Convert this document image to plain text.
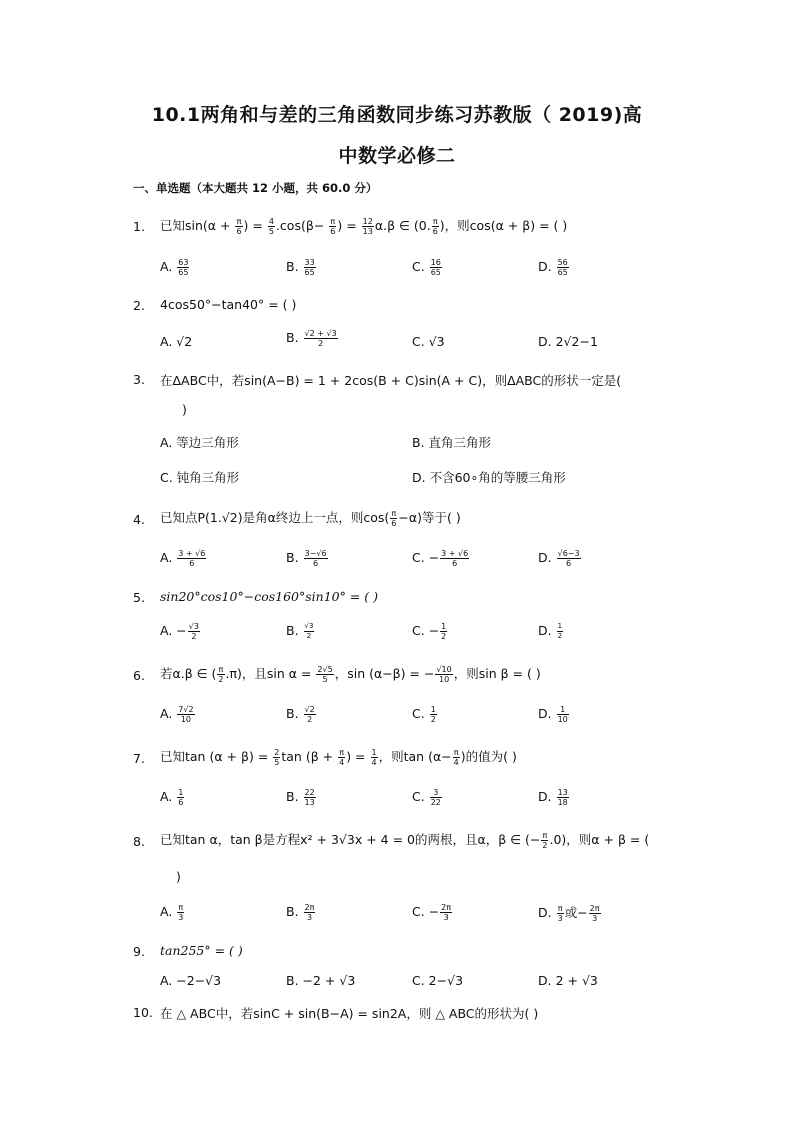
10.1两角和与差的三角函数同步练习苏教版（ 2019)高
中数学必修二
一、单选题（本大题共 12 小题，共 60.0 分）
1. 已知$\sin(\alpha + \frac{\pi}{6}$ ) = $\frac{4}{5} .\cos(\beta- \frac{\pi}{6}$ ) = $\frac{12}{13} \alpha.\beta$ ∈ (0. $\frac{\pi}{6}$ )，则cos(α + β) = ( )
A. $\frac{63}{65}$	B. $\frac{33}{65}$	C. $\frac{16}{65}$	D. $\frac{56}{65}$
2. 4cos50°−tan40° = ( )
A. √2	B. $\frac{√2 + √3}{2}$	C. √3	D. 2√2−1
3. 在ΔABC中，若sin(A−B) = 1 + 2cos(B + C)sin(A + C)，则ΔABC的形状一定是(
)
A. 等边三角形	B. 直角三角形
C. 钝角三角形	D. 不含60∘角的等腰三角形
4. 已知点P(1.√2)是角α终边上一点，则$\cos( \frac{\pi}{6} -\alpha)$等于( )
A. $\frac{3 + √6}{6}$	B. $\frac{3-√6}{6}$	C. − $\frac{3 + √6}{6}$	D. $\frac{√6-3}{6}$
5. sin20°cos10°−cos160°sin10° = ( )
A. − $\frac{√3}{2}$	B. $\frac{√3}{2}$	C. − $\frac{1}{2}$	D. $\frac{1}{2}$
6. 若α.β ∈ ( $\frac{\pi}{2} .\pi$)，且$\sin \alpha = \frac{2√5}{5}$ ，sin (α−β) = − $\frac{√10}{10}$ ，则sin β = ( )
A. $\frac{7√2}{10}$	B. $\frac{√2}{2}$	C. $\frac{1}{2}$	D. $\frac{1}{10}$
7. 已知$\tan (\alpha + \beta) = \frac{2}{5}$ $\tan (\beta + \frac{\pi}{4}$ ) = $\frac{1}{4}$ ，则$\tan (\alpha- \frac{\pi}{4}$ )的值为( )
A. $\frac{1}{6}$	B. $\frac{22}{13}$	C. $\frac{3}{22}$	D. $\frac{13}{18}$
8. 已知tan α，tan β是方程x² + 3√3x + 4 = 0的两根，且α，β ∈ (− $\frac{\pi}{2} .0$)，则α + β = (
)
A. $\frac{\pi}{3}$	B. $\frac{2\pi}{3}$	C. − $\frac{2\pi}{3}$	D. $\frac{\pi}{3}$ 或− $\frac{2\pi}{3}$
9. tan255° = ( )
A. −2−√3	B. −2 + √3	C. 2−√3	D. 2 + √3
10. 在 △ ABC中，若sinC + sin(B−A) = sin2A，则 △ ABC的形状为( )
